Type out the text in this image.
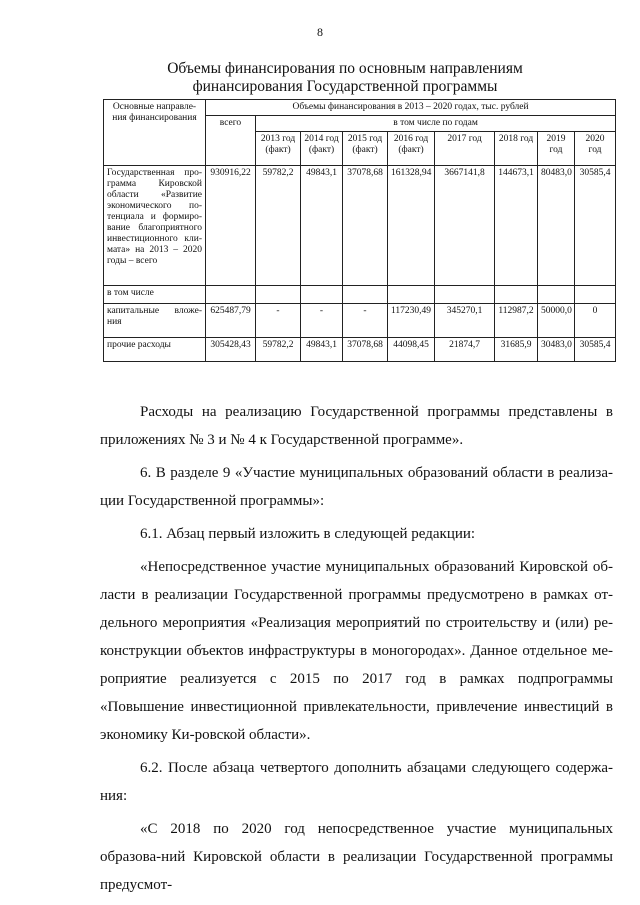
8
Объемы финансирования по основным направлениям
финансирования Государственной программы
Основные направле-ния финансирования	Объемы финансирования в 2013 – 2020 годах, тыс. рублей								
	всего	в том числе по годам							
		2013 год (факт)	2014 год (факт)	2015 год (факт)	2016 год (факт)	2017 год	2018 год	2019 год	2020 год
Государственная про-грамма Кировской области «Развитие экономического по-тенциала и формиро-вание благоприятного инвестиционного кли-мата» на 2013 – 2020 годы – всего	930916,22	59782,2	49843,1	37078,68	161328,94	3667141,8	144673,1	80483,0	30585,4
в том числе									
капитальные вложе-ния	625487,79	-	-	-	117230,49	345270,1	112987,2	50000,0	0
прочие расходы	305428,43	59782,2	49843,1	37078,68	44098,45	21874,7	31685,9	30483,0	30585,4

Расходы на реализацию Государственной программы представлены в приложениях № 3 и № 4 к Государственной программе».

6. В разделе 9 «Участие муниципальных образований области в реализа-ции Государственной программы»:

6.1. Абзац первый изложить в следующей редакции:

«Непосредственное участие муниципальных образований Кировской об-ласти в реализации Государственной программы предусмотрено в рамках от-дельного мероприятия «Реализация мероприятий по строительству и (или) ре-конструкции объектов инфраструктуры в моногородах». Данное отдельное ме-роприятие реализуется с 2015 по 2017 год в рамках подпрограммы «Повышение инвестиционной привлекательности, привлечение инвестиций в экономику Ки-ровской области».

6.2. После абзаца четвертого дополнить абзацами следующего содержа-ния:

«С 2018 по 2020 год непосредственное участие муниципальных образова-ний Кировской области в реализации Государственной программы предусмот-
